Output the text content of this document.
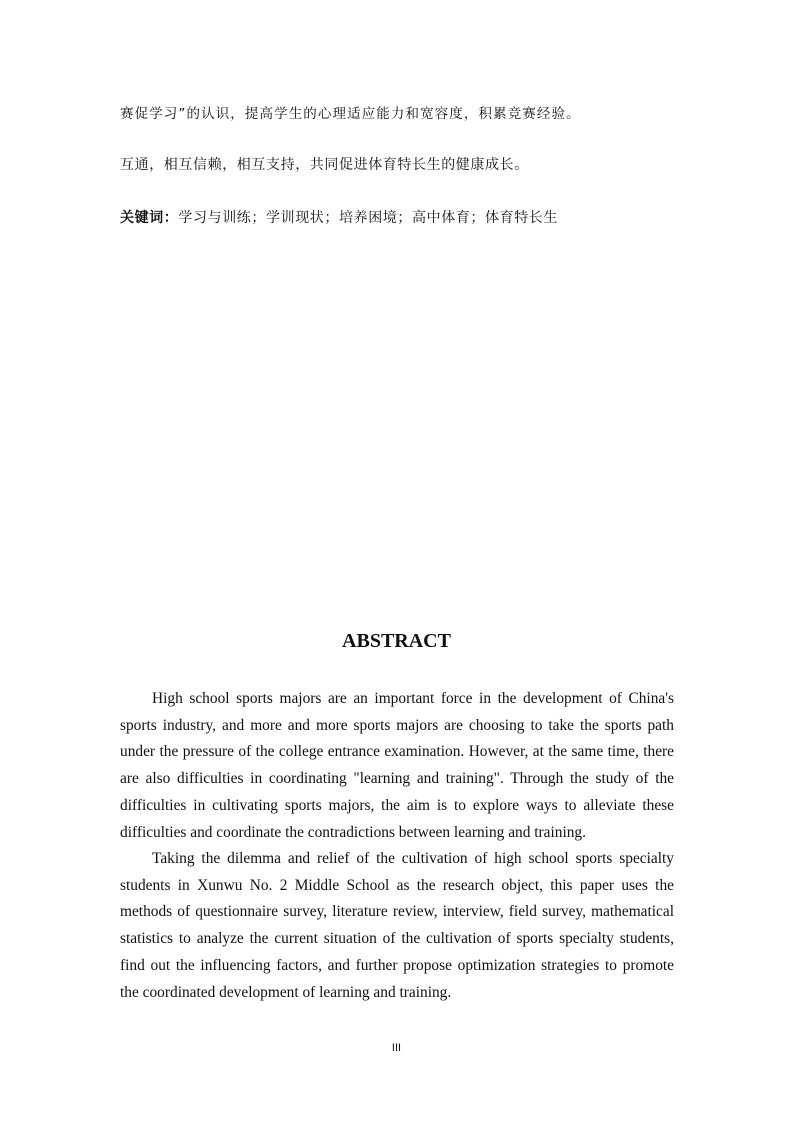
赛促学习”的认识，提高学生的心理适应能力和宽容度，积累竞赛经验。
互通，相互信赖，相互支持，共同促进体育特长生的健康成长。
关键词：学习与训练；学训现状；培养困境；高中体育；体育特长生
ABSTRACT

High school sports majors are an important force in the development of China's sports industry, and more and more sports majors are choosing to take the sports path under the pressure of the college entrance examination. However, at the same time, there are also difficulties in coordinating "learning and training". Through the study of the difficulties in cultivating sports majors, the aim is to explore ways to alleviate these difficulties and coordinate the contradictions between learning and training.

Taking the dilemma and relief of the cultivation of high school sports specialty students in Xunwu No. 2 Middle School as the research object, this paper uses the methods of questionnaire survey, literature review, interview, field survey, mathematical statistics to analyze the current situation of the cultivation of sports specialty students, find out the influencing factors, and further propose optimization strategies to promote the coordinated development of learning and training.

III
